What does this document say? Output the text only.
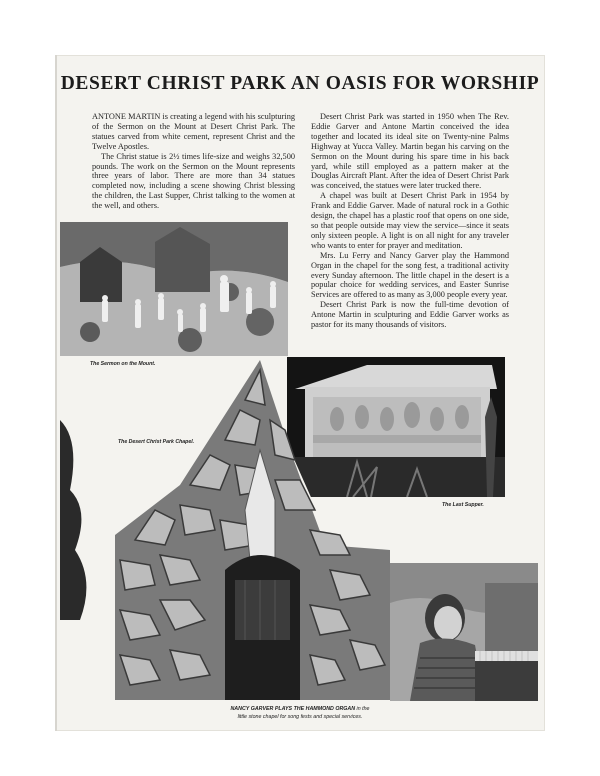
DESERT CHRIST PARK AN OASIS FOR WORSHIP

ANTONE MARTIN is creating a legend with his sculpturing of the Sermon on the Mount at Desert Christ Park. The statues carved from white cement, represent Christ and the Twelve Apostles.

The Christ statue is 2½ times life-size and weighs 32,500 pounds. The work on the Sermon on the Mount represents three years of labor. There are more than 34 statues completed now, including a scene showing Christ blessing the children, the Last Supper, Christ talking to the women at the well, and others.

Desert Christ Park was started in 1950 when The Rev. Eddie Garver and Antone Martin conceived the idea together and located its ideal site on Twenty-nine Palms Highway at Yucca Valley. Martin began his carving on the Sermon on the Mount during his spare time in his back yard, while still employed as a pattern maker at the Douglas Aircraft Plant. After the idea of Desert Christ Park was conceived, the statues were later trucked there.

A chapel was built at Desert Christ Park in 1954 by Frank and Eddie Garver. Made of natural rock in a Gothic design, the chapel has a plastic roof that opens on one side, so that people outside may view the service—since it seats only sixteen people. A light is on all night for any traveler who wants to enter for prayer and meditation.

Mrs. Lu Ferry and Nancy Garver play the Hammond Organ in the chapel for the song fest, a traditional activity every Sunday afternoon. The little chapel in the desert is a popular choice for wedding services, and Easter Sunrise Services are offered to as many as 3,000 people every year.

Desert Christ Park is now the full-time devotion of Antone Martin in sculpturing and Eddie Garver works as pastor for its many thousands of visitors.

The Sermon on the Mount.
The Last Supper.
The Desert Christ Park Chapel.
NANCY GARVER PLAYS THE HAMMOND ORGAN in the
little stone chapel for song fests and special services.
